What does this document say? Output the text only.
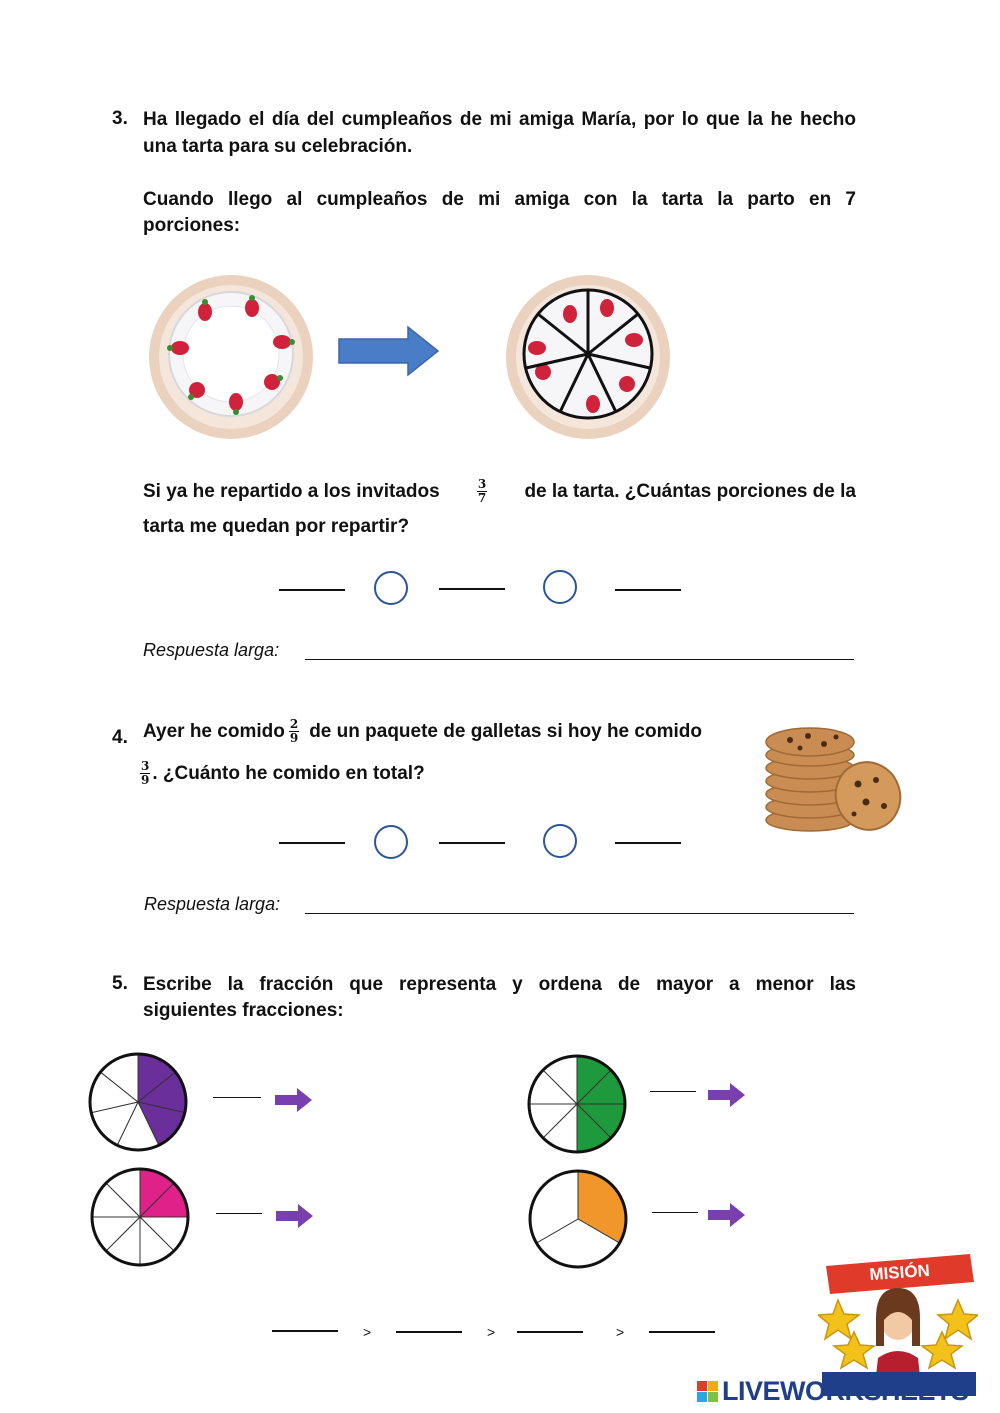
3. Ha llegado el día del cumpleaños de mi amiga María, por lo que la he hecho
una tarta para su celebración.
Cuando llego al cumpleaños de mi amiga con la tarta la parto en 7
porciones:
Si ya he repartido a los invitados	$\frac{3}{7}$ de la tarta. ¿Cuántas porciones de la
tarta me quedan por repartir?
Respuesta larga:
4. Ayer he comido $\frac{2}{9}$ de un paquete de galletas si hoy he comido
$\frac{3}{9}$ . ¿Cuánto he comido en total?
Respuesta larga:
5. Escribe la fracción que representa y ordena de mayor a menor las
siguientes fracciones:
>	>	>
MISIÓN
LIVEWORKSHEETS
